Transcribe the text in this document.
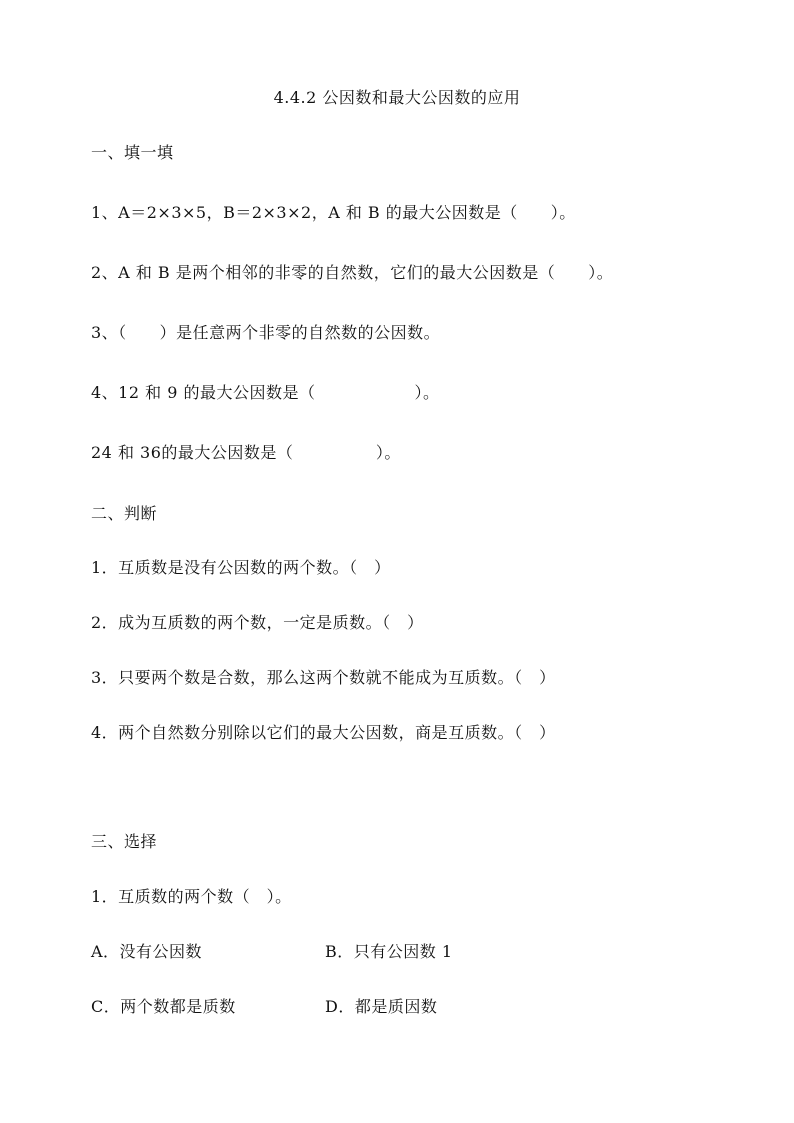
4.4.2 公因数和最大公因数的应用
一、填一填
1、A＝2×3×5，B＝2×3×2，A 和 B 的最大公因数是（　　）。
2、A 和 B 是两个相邻的非零的自然数，它们的最大公因数是（　　）。
3、（　　）是任意两个非零的自然数的公因数。
4、12 和 9 的最大公因数是（　　　　　　）。
24 和 36的最大公因数是（　　　　　）。
二、判断
1．互质数是没有公因数的两个数。（　）
2．成为互质数的两个数，一定是质数。（　）
3．只要两个数是合数，那么这两个数就不能成为互质数。（　）
4．两个自然数分别除以它们的最大公因数，商是互质数。（　）
三、选择
1．互质数的两个数（　）。
A．没有公因数	B．只有公因数 1
C．两个数都是质数	D．都是质因数
